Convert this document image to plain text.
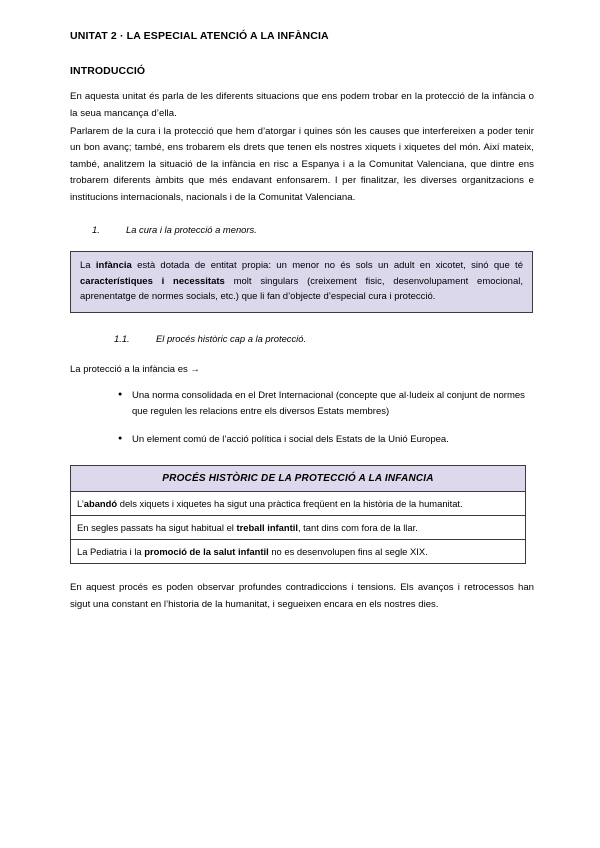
UNITAT 2 · LA ESPECIAL ATENCIÓ A LA INFÀNCIA
INTRODUCCIÓ

En aquesta unitat és parla de les diferents situacions que ens podem trobar en la protecció de la infància o la seua mancança d’ella.

Parlarem de la cura i la protecció que hem d’atorgar i quines són les causes que interfereixen a poder tenir un bon avanç; també, ens trobarem els drets que tenen els nostres xiquets i xiquetes del món. Així mateix, també, analitzem la situació de la infància en risc a Espanya i a la Comunitat Valenciana, que dintre ens trobarem diferents àmbits que més endavant enfonsarem. I per finalitzar, les diverses organitzacions e institucions internacionals, nacionals i de la Comunitat Valenciana.

1.	La cura i la protecció a menors.

La infància està dotada de entitat propia: un menor no és sols un adult en xicotet, sinó que té característiques i necessitats molt singulars (creixement fisic, desenvolupament emocional, aprenentatge de normes socials, etc.) que li fan d’objecte d’especial cura i protecció.

1.1.	El procés històric cap a la protecció.
La protecció a la infància es →
● Una norma consolidada en el Dret Internacional (concepte que al·ludeix al conjunt de normes que regulen les relacions entre els diversos Estats membres)
● Un element comú de l’acció política i social dels Estats de la Unió Europea.
PROCÉS HISTÒRIC DE LA PROTECCIÓ A LA INFANCIA
L’abandó dels xiquets i xiquetes ha sigut una pràctica freqüent en la història de la humanitat.
En segles passats ha sigut habitual el treball infantil, tant dins com fora de la llar.
La Pediatria i la promoció de la salut infantil no es desenvolupen fins al segle XIX.

En aquest procés es poden observar profundes contradiccions i tensions. Els avanços i retrocessos han sigut una constant en l’historia de la humanitat, i segueixen encara en els nostres dies.
